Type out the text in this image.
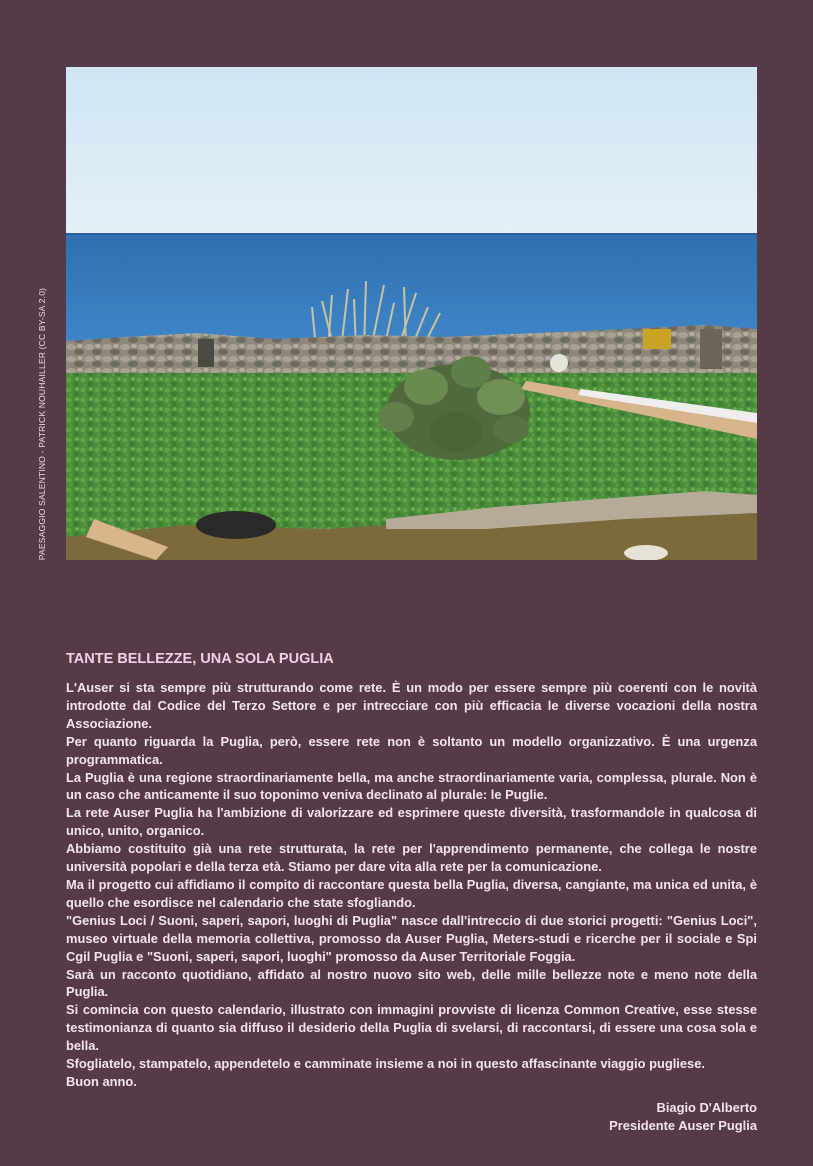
PAESAGGIO SALENTINO - PATRICK NOUHAILLER (CC BY-SA 2.0)
TANTE BELLEZZE, UNA SOLA PUGLIA

L'Auser si sta sempre più strutturando come rete. È un modo per essere sempre più coerenti con le novità introdotte dal Codice del Terzo Settore e per intrecciare con più efficacia le diverse vocazioni della nostra Associazione.

Per quanto riguarda la Puglia, però, essere rete non è soltanto un modello organizzativo. È una urgenza programmatica.

La Puglia è una regione straordinariamente bella, ma anche straordinariamente varia, complessa, plurale. Non è un caso che anticamente il suo toponimo veniva declinato al plurale: le Puglie.

La rete Auser Puglia ha l'ambizione di valorizzare ed esprimere queste diversità, trasformandole in qualcosa di unico, unito, organico.

Abbiamo costituito già una rete strutturata, la rete per l'apprendimento permanente, che collega le nostre università popolari e della terza età. Stiamo per dare vita alla rete per la comunicazione.

Ma il progetto cui affidiamo il compito di raccontare questa bella Puglia, diversa, cangiante, ma unica ed unita, è quello che esordisce nel calendario che state sfogliando.

"Genius Loci / Suoni, saperi, sapori, luoghi di Puglia" nasce dall'intreccio di due storici progetti: "Genius Loci", museo virtuale della memoria collettiva, promosso da Auser Puglia, Meters-studi e ricerche per il sociale e Spi Cgil Puglia e "Suoni, saperi, sapori, luoghi" promosso da Auser Territoriale Foggia.

Sarà un racconto quotidiano, affidato al nostro nuovo sito web, delle mille bellezze note e meno note della Puglia.

Si comincia con questo calendario, illustrato con immagini provviste di licenza Common Creative, esse stesse testimonianza di quanto sia diffuso il desiderio della Puglia di svelarsi, di raccontarsi, di essere una cosa sola e bella.

Sfogliatelo, stampatelo, appendetelo e camminate insieme a noi in questo affascinante viaggio pugliese.

Buon anno.

Biagio D'Alberto
Presidente Auser Puglia
